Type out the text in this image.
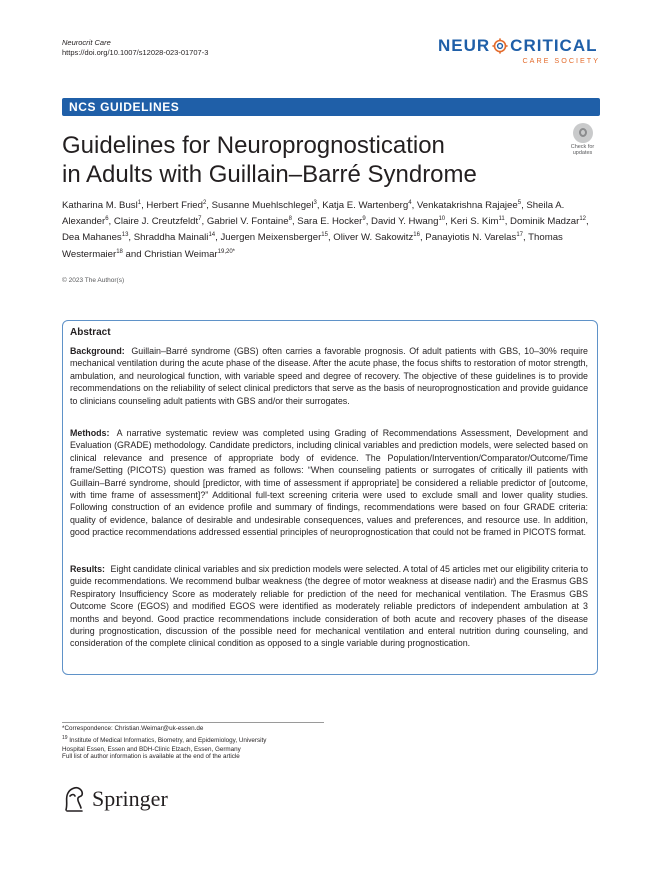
Neurocrit Care
https://doi.org/10.1007/s12028-023-01707-3	NEUR CRITICAL
CARE SOCIETY
NCS GUIDELINES
Guidelines for Neuroprognostication
in Adults with Guillain–Barré Syndrome
Check for
updates
Katharina M. Busl$^1$, Herbert Fried$^2$, Susanne Muehlschlegel$^3$, Katja E. Wartenberg$^4$, Venkatakrishna Rajajee$^5$, Sheila A. Alexander$^6$, Claire J. Creutzfeldt$^7$, Gabriel V. Fontaine$^8$, Sara E. Hocker$^9$, David Y. Hwang$^{10}$, Keri S. Kim$^{11}$, Dominik Madzar$^{12}$, Dea Mahanes$^{13}$, Shraddha Mainali$^{14}$, Juergen Meixensberger$^{15}$, Oliver W. Sakowitz$^{16}$, Panayiotis N. Varelas$^{17}$, Thomas Westermaier$^{18}$ and Christian Weimar$^{19,20*}$
© 2023 The Author(s)
Abstract
Background: Guillain–Barré syndrome (GBS) often carries a favorable prognosis. Of adult patients with GBS, 10–30% require mechanical ventilation during the acute phase of the disease. After the acute phase, the focus shifts to restoration of motor strength, ambulation, and neurological function, with variable speed and degree of recovery. The objective of these guidelines is to provide recommendations on the reliability of select clinical predictors that serve as the basis of neuroprognostication and provide guidance to clinicians counseling adult patients with GBS and/or their surrogates.
Methods: A narrative systematic review was completed using Grading of Recommendations Assessment, Development and Evaluation (GRADE) methodology. Candidate predictors, including clinical variables and prediction models, were selected based on clinical relevance and presence of appropriate body of evidence. The Population/Intervention/Comparator/Outcome/Time frame/Setting (PICOTS) question was framed as follows: “When counseling patients or surrogates of critically ill patients with Guillain–Barré syndrome, should [predictor, with time of assessment if appropriate] be considered a reliable predictor of [outcome, with time frame of assessment]?” Additional full-text screening criteria were used to exclude small and lower quality studies. Following construction of an evidence profile and summary of findings, recommendations were based on four GRADE criteria: quality of evidence, balance of desirable and undesirable consequences, values and preferences, and resource use. In addition, good practice recommendations addressed essential principles of neuroprognostication that could not be framed in PICOTS format.
Results: Eight candidate clinical variables and six prediction models were selected. A total of 45 articles met our eligibility criteria to guide recommendations. We recommend bulbar weakness (the degree of motor weakness at disease nadir) and the Erasmus GBS Respiratory Insufficiency Score as moderately reliable for prediction of the need for mechanical ventilation. The Erasmus GBS Outcome Score (EGOS) and modified EGOS were identified as moderately reliable predictors of independent ambulation at 3 months and beyond. Good practice recommendations include consideration of both acute and recovery phases of the disease during prognostication, discussion of the possible need for mechanical ventilation and enteral nutrition during counseling, and consideration of the complete clinical condition as opposed to a single variable during prognostication.
*Correspondence: Christian.Weimar@uk-essen.de
$^{19}$ Institute of Medical Informatics, Biometry, and Epidemiology, University
Hospital Essen, Essen and BDH-Clinic Elzach, Essen, Germany
Full list of author information is available at the end of the article
Springer
